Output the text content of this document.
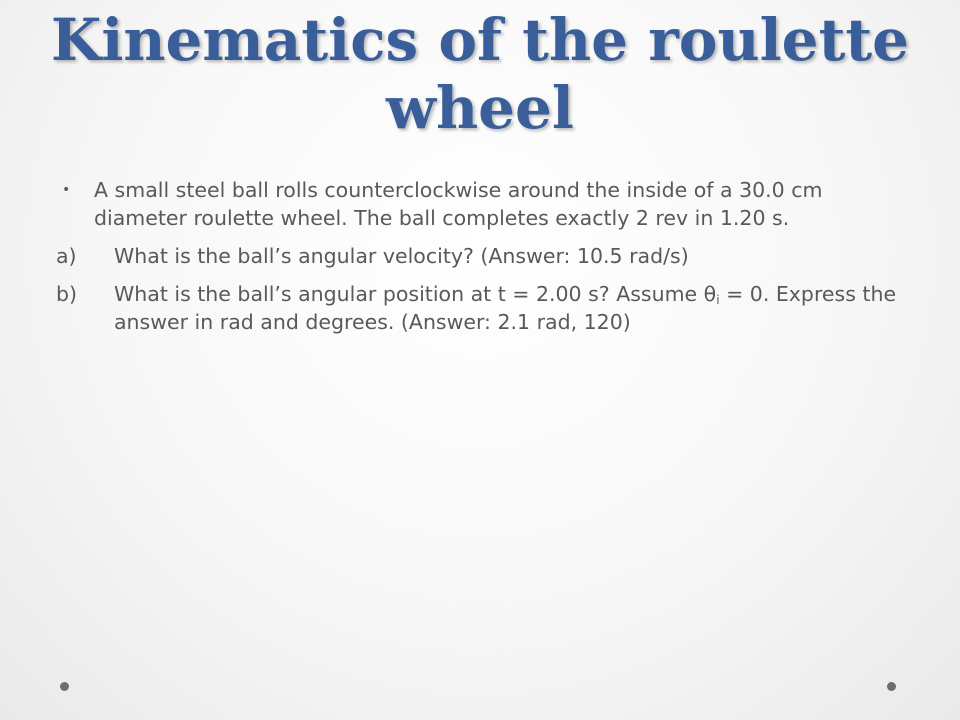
Kinematics of the roulette wheel
•	A small steel ball rolls counterclockwise around the inside of a 30.0 cm diameter roulette wheel. The ball completes exactly 2 rev in 1.20 s.
a)	What is the ball’s angular velocity? (Answer: 10.5 rad/s)
b)	What is the ball’s angular position at t = 2.00 s? Assume $\theta_i = 0$. Express the answer in rad and degrees. (Answer: 2.1 rad, 120)
